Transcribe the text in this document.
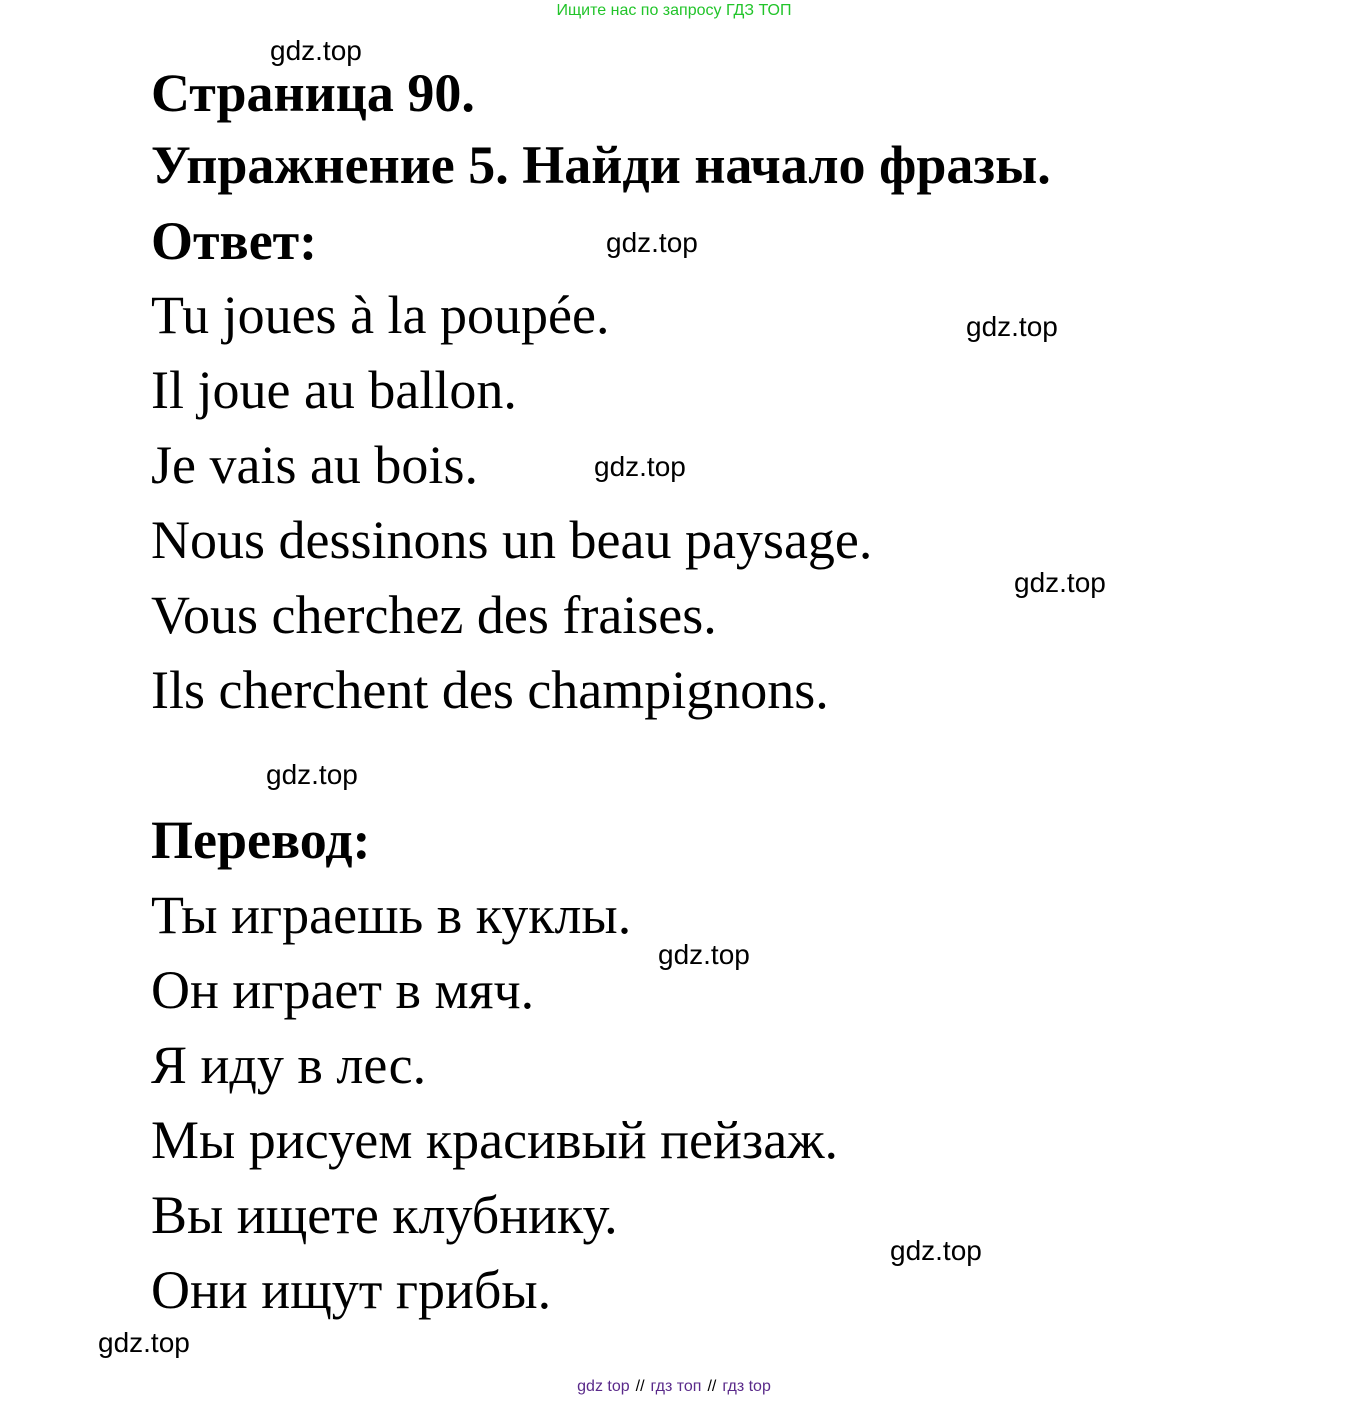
Ищите нас по запросу ГДЗ ТОП
Страница 90.
Упражнение 5. Найди начало фразы.
Ответ:
Tu joues à la poupée.
Il joue au ballon.
Je vais au bois.
Nous dessinons un beau paysage.
Vous cherchez des fraises.
Ils cherchent des champignons.
Перевод:
Ты играешь в куклы.
Он играет в мяч.
Я иду в лес.
Мы рисуем красивый пейзаж.
Вы ищете клубнику.
Они ищут грибы.
gdz.top
gdz.top
gdz.top
gdz.top
gdz.top
gdz.top
gdz.top
gdz.top
gdz.top
gdz top // гдз топ // гдз top
